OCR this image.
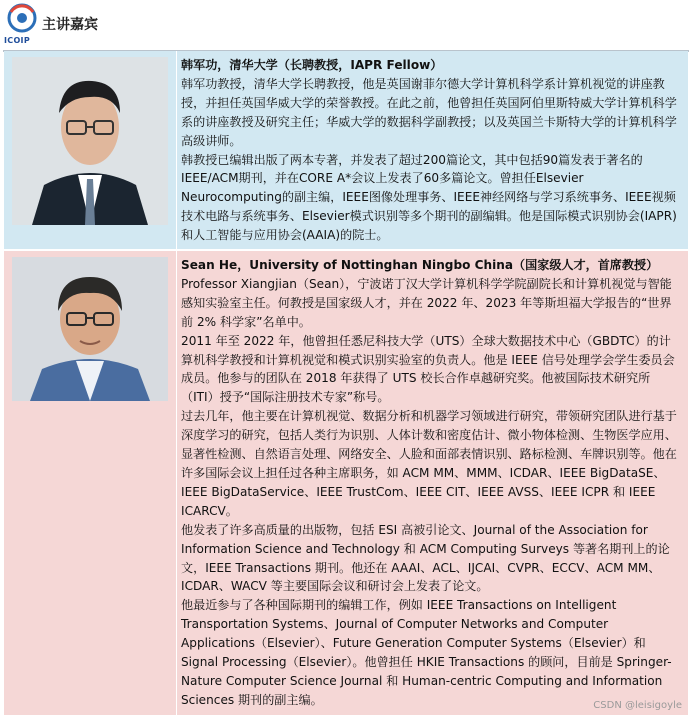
ICOIP
主讲嘉宾
韩军功，清华大学（长聘教授，IAPR Fellow）

韩军功教授，清华大学长聘教授，他是英国谢菲尔德大学计算机科学系计算机视觉的讲座教授，并担任英国华威大学的荣誉教授。在此之前，他曾担任英国阿伯里斯特威大学计算机科学系的讲座教授及研究主任；华威大学的数据科学副教授；以及英国兰卡斯特大学的计算机科学高级讲师。

韩教授已编辑出版了两本专著，并发表了超过200篇论文，其中包括90篇发表于著名的IEEE/ACM期刊，并在CORE A*会议上发表了60多篇论文。曾担任Elsevier Neurocomputing的副主编，IEEE图像处理事务、IEEE神经网络与学习系统事务、IEEE视频技术电路与系统事务、Elsevier模式识别等多个期刊的副编辑。他是国际模式识别协会(IAPR)和人工智能与应用协会(AAIA)的院士。

Sean He，University of Nottinghan Ningbo China（国家级人才，首席教授）

Professor Xiangjian（Sean），宁波诺丁汉大学计算机科学学院副院长和计算机视觉与智能感知实验室主任。何教授是国家级人才，并在 2022 年、2023 年等斯坦福大学报告的“世界前 2% 科学家”名单中。

2011 年至 2022 年，他曾担任悉尼科技大学（UTS）全球大数据技术中心（GBDTC）的计算机科学教授和计算机视觉和模式识别实验室的负责人。他是 IEEE 信号处理学会学生委员会成员。他参与的团队在 2018 年获得了 UTS 校长合作卓越研究奖。他被国际技术研究所（ITI）授予“国际注册技术专家”称号。

过去几年，他主要在计算机视觉、数据分析和机器学习领域进行研究，带领研究团队进行基于深度学习的研究，包括人类行为识别、人体计数和密度估计、微小物体检测、生物医学应用、显著性检测、自然语言处理、网络安全、人脸和面部表情识别、路标检测、车牌识别等。他在许多国际会议上担任过各种主席职务，如 ACM MM、MMM、ICDAR、IEEE BigDataSE、IEEE BigDataService、IEEE TrustCom、IEEE CIT、IEEE AVSS、IEEE ICPR 和 IEEE ICARCV。

他发表了许多高质量的出版物，包括 ESI 高被引论文、Journal of the Association for Information Science and Technology 和 ACM Computing Surveys 等著名期刊上的论文，IEEE Transactions 期刊。他还在 AAAI、ACL、IJCAI、CVPR、ECCV、ACM MM、ICDAR、WACV 等主要国际会议和研讨会上发表了论文。

他最近参与了各种国际期刊的编辑工作，例如 IEEE Transactions on Intelligent Transportation Systems、Journal of Computer Networks and Computer Applications（Elsevier）、Future Generation Computer Systems（Elsevier）和 Signal Processing（Elsevier）。他曾担任 HKIE Transactions 的顾问，目前是 Springer-Nature Computer Science Journal 和 Human-centric Computing and Information Sciences 期刊的副主编。	CSDN @leisigoyle
